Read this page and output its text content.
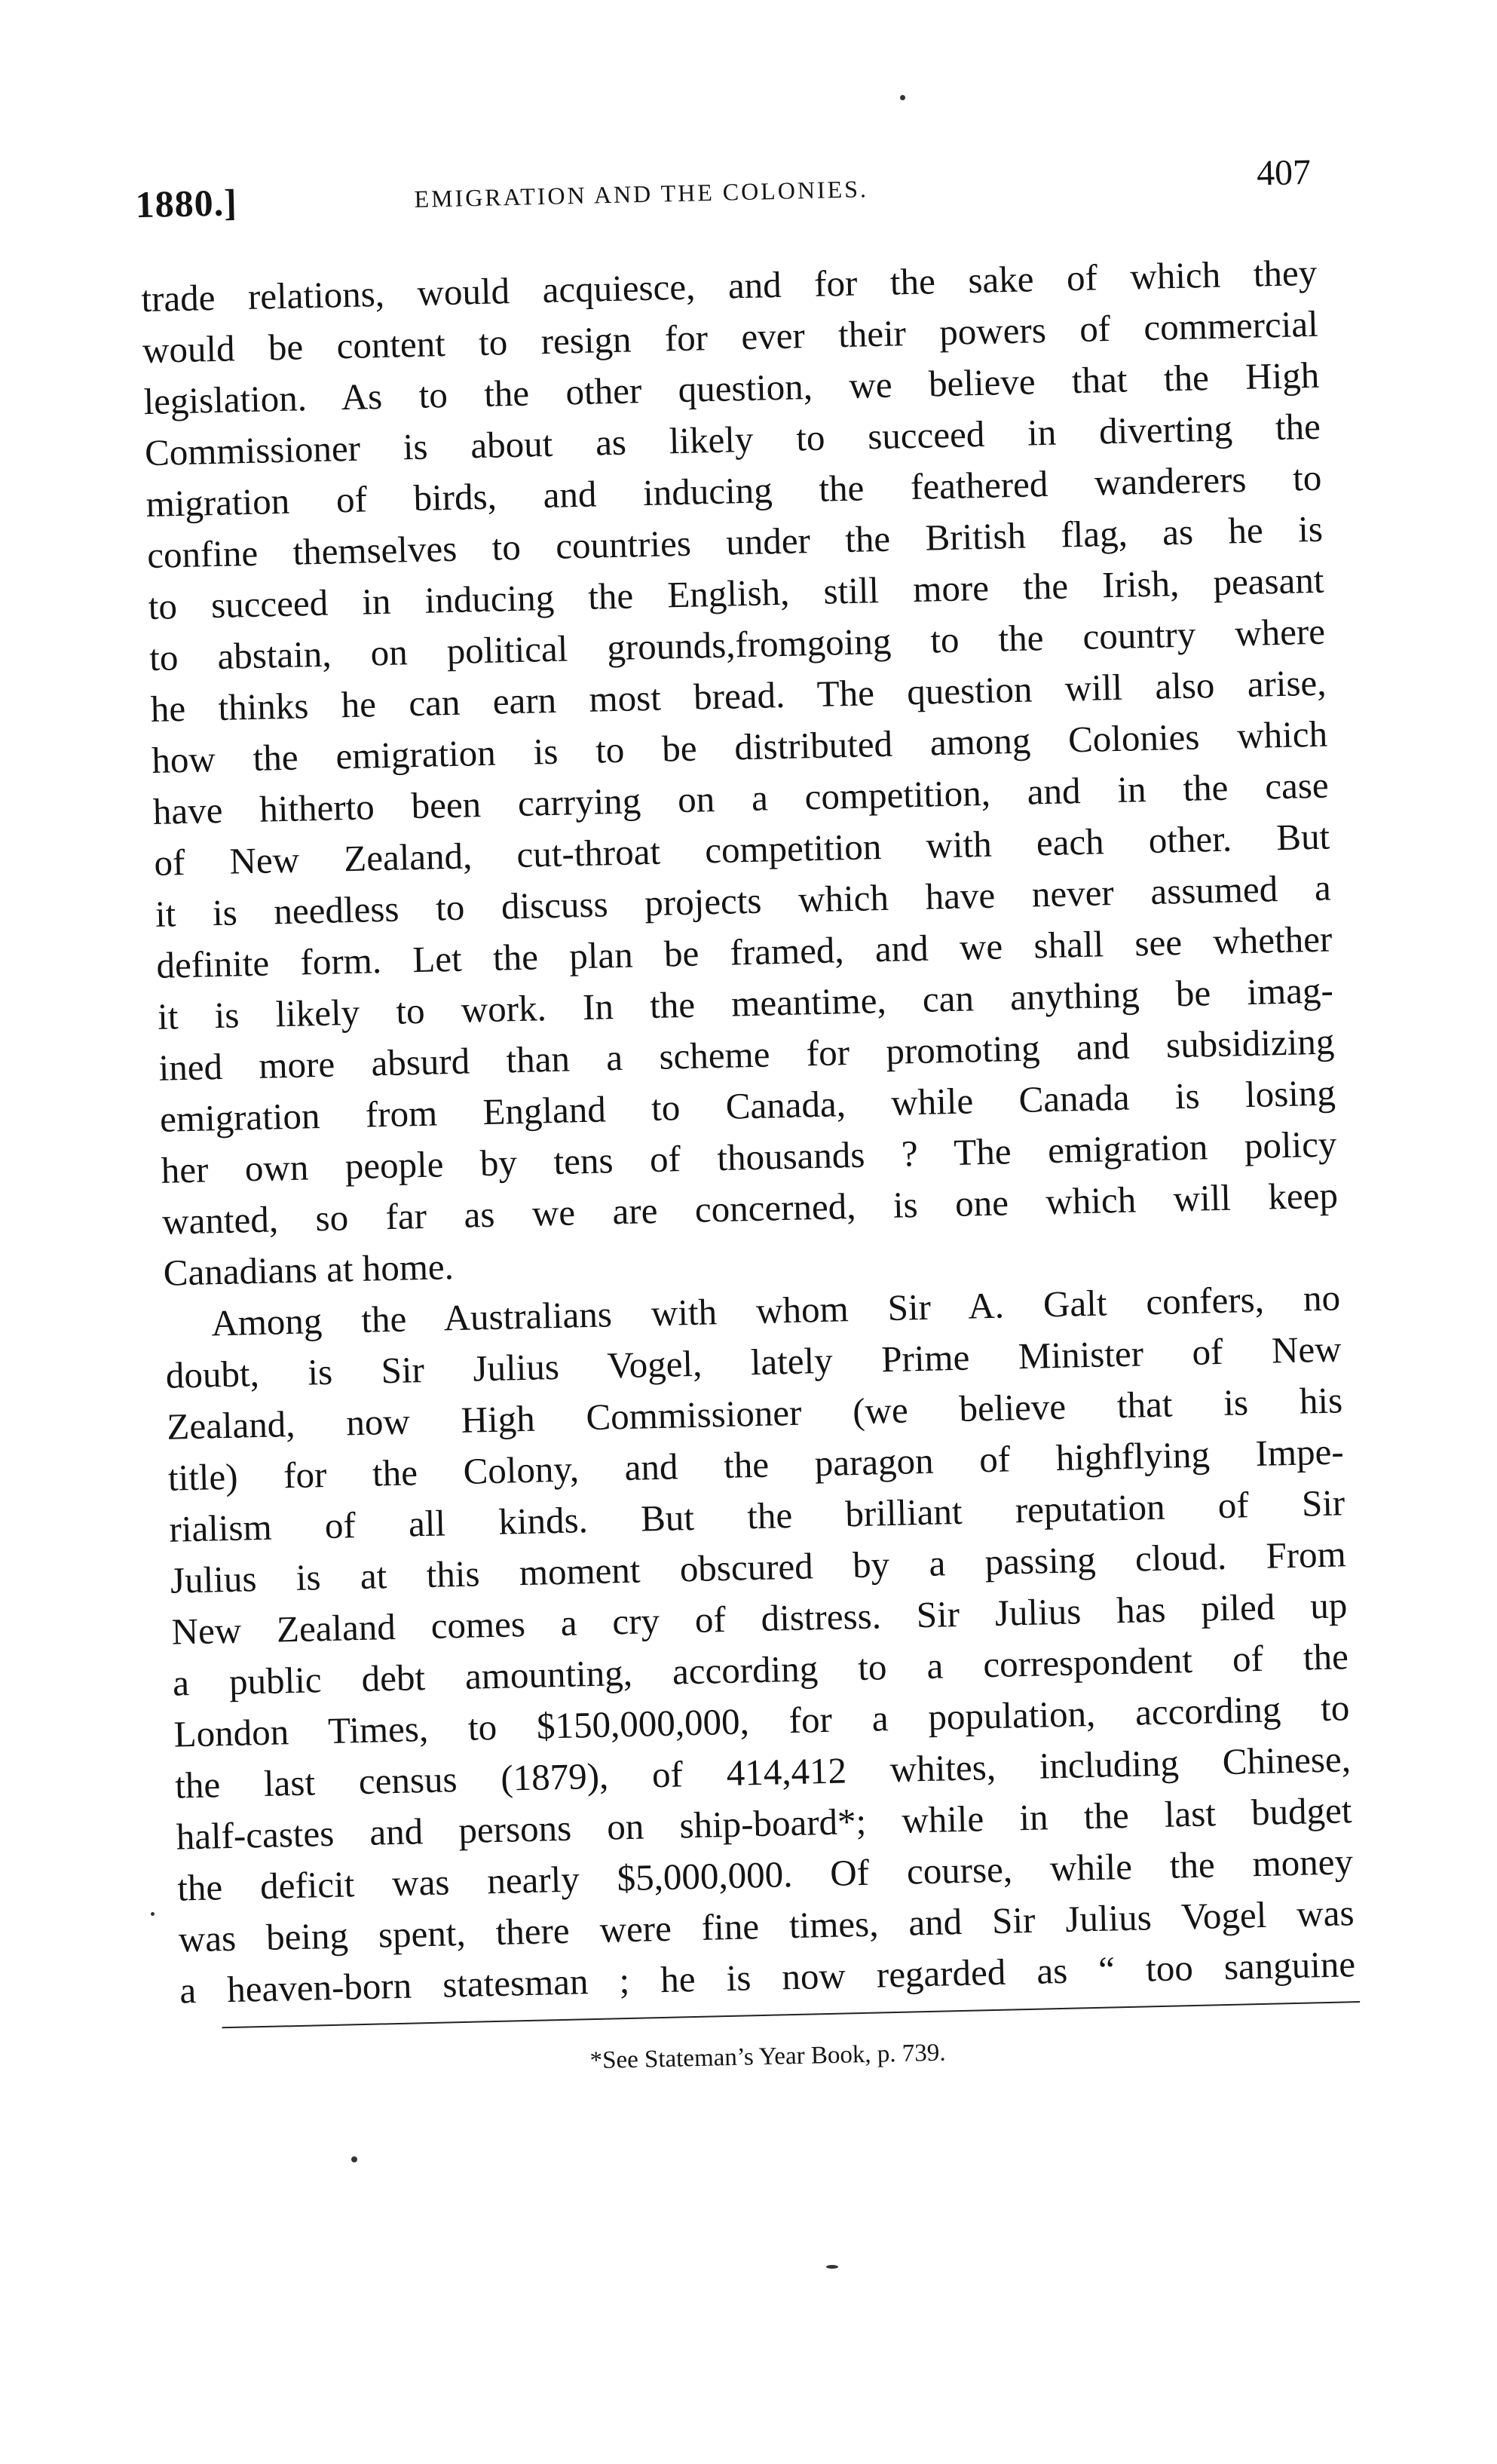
1880.]	EMIGRATION AND THE COLONIES.
407
trade relations, would acquiesce, and for the sake of which they
would be content to resign for ever their powers of commercial
legislation. As to the other question, we believe that the High
Commissioner is about as likely to succeed in diverting the
migration of birds, and inducing the feathered wanderers to
confine themselves to countries under the British flag, as he is
to succeed in inducing the English, still more the Irish, peasant
to abstain, on political grounds,fromgoing to the country where
he thinks he can earn most bread. The question will also arise,
how the emigration is to be distributed among Colonies which
have hitherto been carrying on a competition, and in the case
of New Zealand, cut-throat competition with each other. But
it is needless to discuss projects which have never assumed a
definite form. Let the plan be framed, and we shall see whether
it is likely to work. In the meantime, can anything be imag-
ined more absurd than a scheme for promoting and subsidizing
emigration from England to Canada, while Canada is losing
her own people by tens of thousands ? The emigration policy
wanted, so far as we are concerned, is one which will keep
Canadians at home.
Among the Australians with whom Sir A. Galt confers, no
doubt, is Sir Julius Vogel, lately Prime Minister of New
Zealand, now High Commissioner (we believe that is his
title) for the Colony, and the paragon of highflying Impe-
rialism of all kinds. But the brilliant reputation of Sir
Julius is at this moment obscured by a passing cloud. From
New Zealand comes a cry of distress. Sir Julius has piled up
a public debt amounting, according to a correspondent of the
London Times, to $150,000,000, for a population, according to
the last census (1879), of 414,412 whites, including Chinese,
half-castes and persons on ship-board*; while in the last budget
the deficit was nearly $5,000,000. Of course, while the money
was being spent, there were fine times, and Sir Julius Vogel was
a heaven-born statesman ; he is now regarded as “ too sanguine
*See Stateman’s Year Book, p. 739.
